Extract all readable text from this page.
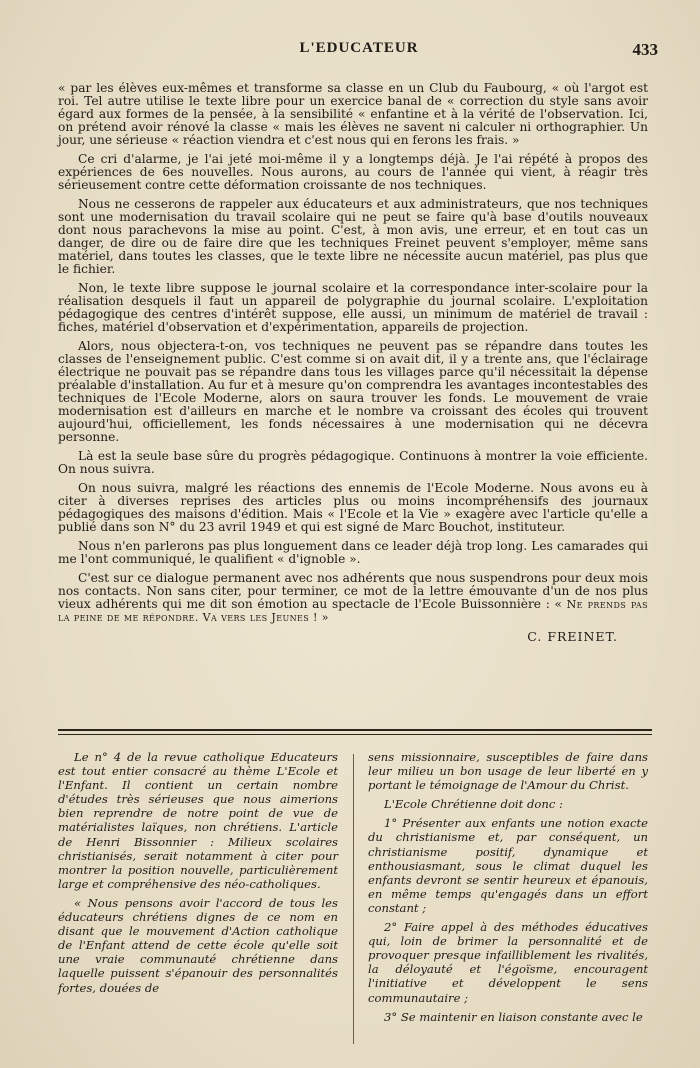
L'EDUCATEUR	433

« par les élèves eux-mêmes et transforme sa classe en un Club du Faubourg, « où l'argot est roi. Tel autre utilise le texte libre pour un exercice banal de « correction du style sans avoir égard aux formes de la pensée, à la sensibilité « enfantine et à la vérité de l'observation. Ici, on prétend avoir rénové la classe « mais les élèves ne savent ni calculer ni orthographier. Un jour, une sérieuse « réaction viendra et c'est nous qui en ferons les frais. »

Ce cri d'alarme, je l'ai jeté moi-même il y a longtemps déjà. Je l'ai répété à propos des expériences de 6es nouvelles. Nous aurons, au cours de l'année qui vient, à réagir très sérieusement contre cette déformation croissante de nos techniques.

Nous ne cesserons de rappeler aux éducateurs et aux administrateurs, que nos techniques sont une modernisation du travail scolaire qui ne peut se faire qu'à base d'outils nouveaux dont nous parachevons la mise au point. C'est, à mon avis, une erreur, et en tout cas un danger, de dire ou de faire dire que les techniques Freinet peuvent s'employer, même sans matériel, dans toutes les classes, que le texte libre ne nécessite aucun matériel, pas plus que le fichier.

Non, le texte libre suppose le journal scolaire et la correspondance inter-scolaire pour la réalisation desquels il faut un appareil de polygraphie du journal scolaire. L'exploitation pédagogique des centres d'intérêt suppose, elle aussi, un minimum de matériel de travail : fiches, matériel d'observation et d'expérimentation, appareils de projection.

Alors, nous objectera-t-on, vos techniques ne peuvent pas se répandre dans toutes les classes de l'enseignement public. C'est comme si on avait dit, il y a trente ans, que l'éclairage électrique ne pouvait pas se répandre dans tous les villages parce qu'il nécessitait la dépense préalable d'installation. Au fur et à mesure qu'on comprendra les avantages incontestables des techniques de l'Ecole Moderne, alors on saura trouver les fonds. Le mouvement de vraie modernisation est d'ailleurs en marche et le nombre va croissant des écoles qui trouvent aujourd'hui, officiellement, les fonds nécessaires à une modernisation qui ne décevra personne.

Là est la seule base sûre du progrès pédagogique. Continuons à montrer la voie efficiente. On nous suivra.

On nous suivra, malgré les réactions des ennemis de l'Ecole Moderne. Nous avons eu à citer à diverses reprises des articles plus ou moins incompréhensifs des journaux pédagogiques des maisons d'édition. Mais « l'Ecole et la Vie » exagère avec l'article qu'elle a publié dans son N° du 23 avril 1949 et qui est signé de Marc Bouchot, instituteur.

Nous n'en parlerons pas plus longuement dans ce leader déjà trop long. Les camarades qui me l'ont communiqué, le qualifient « d'ignoble ».

C'est sur ce dialogue permanent avec nos adhérents que nous suspendrons pour deux mois nos contacts. Non sans citer, pour terminer, ce mot de la lettre émouvante d'un de nos plus vieux adhérents qui me dit son émotion au spectacle de l'Ecole Buissonnière : « Ne prends pas la peine de me répondre. Va vers les Jeunes ! »

C. FREINET.

Le n° 4 de la revue catholique Educateurs est tout entier consacré au thème L'Ecole et l'Enfant. Il contient un certain nombre d'études très sérieuses que nous aimerions bien reprendre de notre point de vue de matérialistes laïques, non chrétiens. L'article de Henri Bissonnier : Milieux scolaires christianisés, serait notamment à citer pour montrer la position nouvelle, particulièrement large et compréhensive des néo-catholiques.

« Nous pensons avoir l'accord de tous les éducateurs chrétiens dignes de ce nom en disant que le mouvement d'Action catholique de l'Enfant attend de cette école qu'elle soit une vraie communauté chrétienne dans laquelle puissent s'épanouir des personnalités fortes, douées de

sens missionnaire, susceptibles de faire dans leur milieu un bon usage de leur liberté en y portant le témoignage de l'Amour du Christ.

L'Ecole Chrétienne doit donc :

1° Présenter aux enfants une notion exacte du christianisme et, par conséquent, un christianisme positif, dynamique et enthousiasmant, sous le climat duquel les enfants devront se sentir heureux et épanouis, en même temps qu'engagés dans un effort constant ;

2° Faire appel à des méthodes éducatives qui, loin de brimer la personnalité et de provoquer presque infailliblement les rivalités, la déloyauté et l'égoïsme, encouragent l'initiative et développent le sens communautaire ;

3° Se maintenir en liaison constante avec le
